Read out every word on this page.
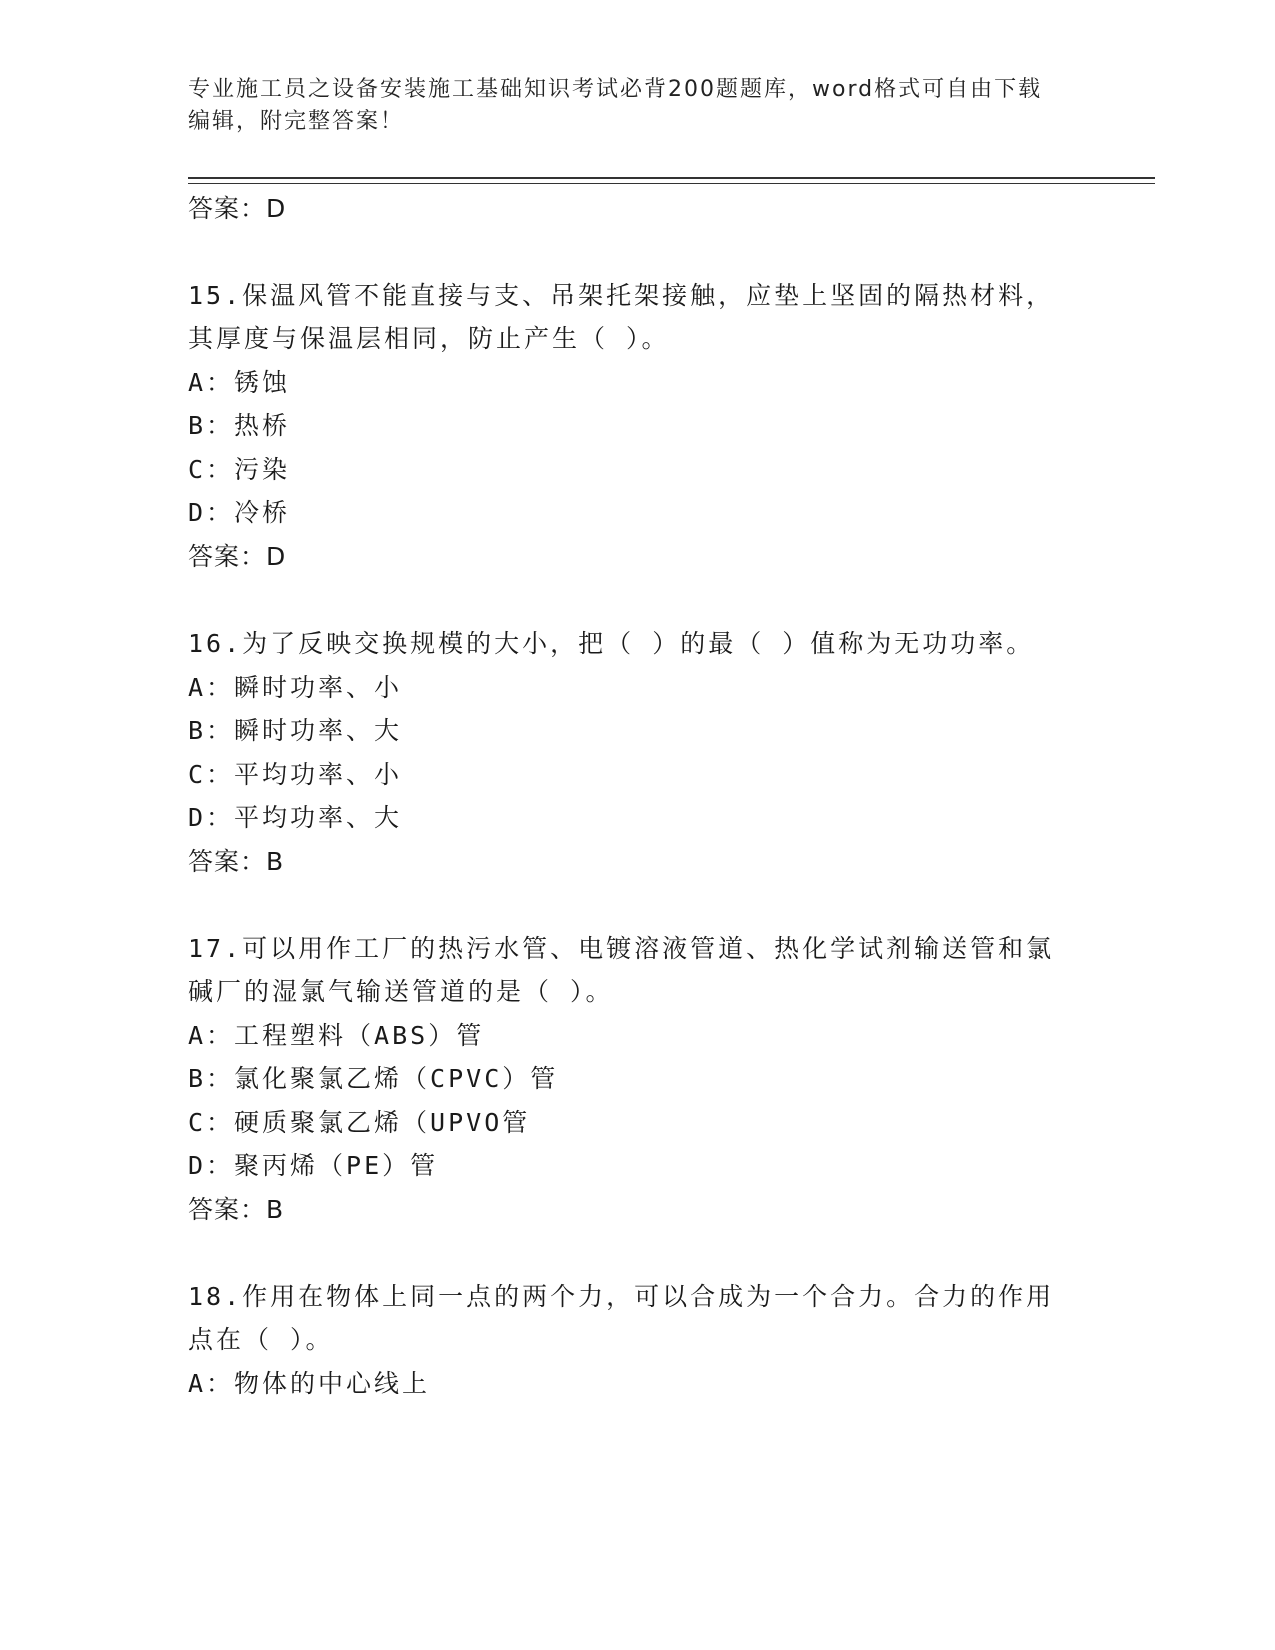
专业施工员之设备安装施工基础知识考试必背200题题库，word格式可自由下载
编辑，附完整答案！
答案：D
15.保温风管不能直接与支、吊架托架接触，应垫上坚固的隔热材料，
其厚度与保温层相同，防止产生（ ）。
A：锈蚀
B：热桥
C：污染
D：冷桥
答案：D
16.为了反映交换规模的大小，把（ ）的最（ ）值称为无功功率。
A：瞬时功率、小
B：瞬时功率、大
C：平均功率、小
D：平均功率、大
答案：B
17.可以用作工厂的热污水管、电镀溶液管道、热化学试剂输送管和氯
碱厂的湿氯气输送管道的是（ ）。
A：工程塑料（ABS）管
B：氯化聚氯乙烯（CPVC）管
C：硬质聚氯乙烯（UPVO管
D：聚丙烯（PE）管
答案：B
18.作用在物体上同一点的两个力，可以合成为一个合力。合力的作用
点在（ ）。
A：物体的中心线上
